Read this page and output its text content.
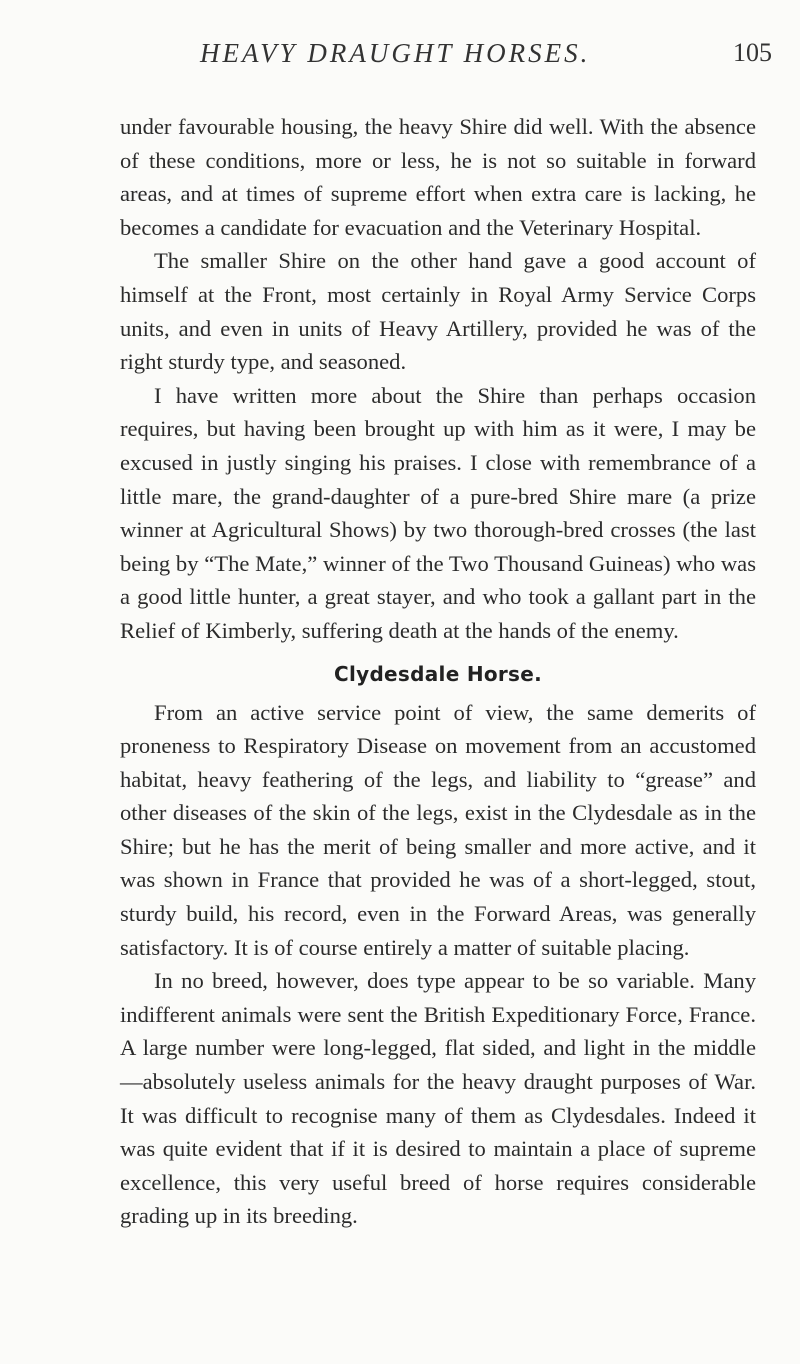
HEAVY DRAUGHT HORSES.	105

under favourable housing, the heavy Shire did well. With the absence of these conditions, more or less, he is not so suitable in forward areas, and at times of supreme effort when extra care is lacking, he becomes a candidate for evacuation and the Veterinary Hospital.

The smaller Shire on the other hand gave a good account of himself at the Front, most certainly in Royal Army Service Corps units, and even in units of Heavy Artillery, provided he was of the right sturdy type, and seasoned.

I have written more about the Shire than perhaps occasion requires, but having been brought up with him as it were, I may be excused in justly singing his praises. I close with remembrance of a little mare, the grand-daughter of a pure-bred Shire mare (a prize winner at Agricultural Shows) by two thorough-bred crosses (the last being by “The Mate,” winner of the Two Thousand Guineas) who was a good little hunter, a great stayer, and who took a gallant part in the Relief of Kimberly, suffering death at the hands of the enemy.

Clydesdale Horse.

From an active service point of view, the same demerits of proneness to Respiratory Disease on movement from an accustomed habitat, heavy feathering of the legs, and liability to “grease” and other diseases of the skin of the legs, exist in the Clydesdale as in the Shire; but he has the merit of being smaller and more active, and it was shown in France that provided he was of a short-legged, stout, sturdy build, his record, even in the Forward Areas, was generally satisfactory. It is of course entirely a matter of suitable placing.

In no breed, however, does type appear to be so variable. Many indifferent animals were sent the British Expeditionary Force, France. A large number were long-legged, flat sided, and light in the middle—absolutely useless animals for the heavy draught purposes of War. It was difficult to recognise many of them as Clydesdales. Indeed it was quite evident that if it is desired to maintain a place of supreme excellence, this very useful breed of horse requires considerable grading up in its breeding.
